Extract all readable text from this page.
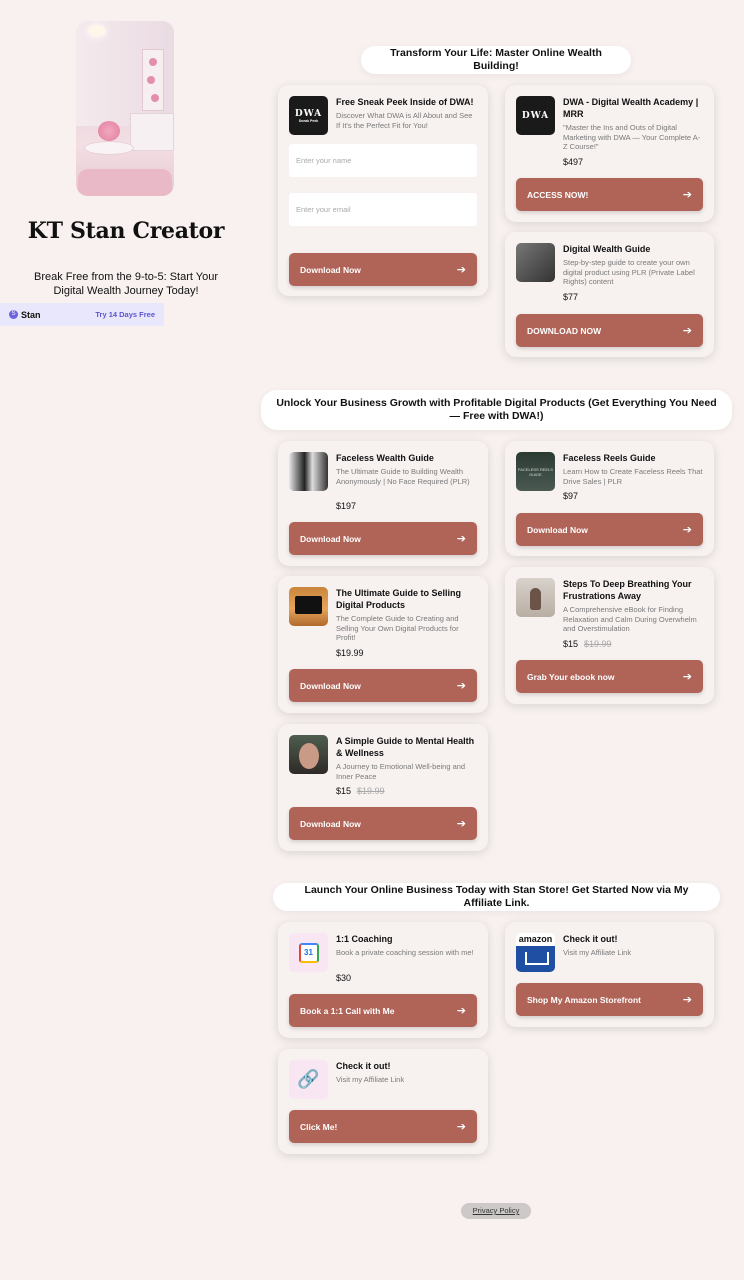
KT Stan Creator
Break Free from the 9-to-5: Start Your Digital Wealth Journey Today!
S Stan	Try 14 Days Free
Transform Your Life: Master Online Wealth Building!
DWA
Sneak Peek
Free Sneak Peek Inside of DWA!
Discover What DWA is All About and See If It's the Perfect Fit for You!
Enter your name
Enter your email
Download Now	➔
DWA
DWA - Digital Wealth Academy | MRR
"Master the Ins and Outs of Digital Marketing with DWA — Your Complete A-Z Course!"
$497
ACCESS NOW!	➔
Digital Wealth Guide
Step-by-step guide to create your own digital product using PLR (Private Label Rights) content
$77
DOWNLOAD NOW	➔
Unlock Your Business Growth with Profitable Digital Products (Get Everything You Need — Free with DWA!)
Faceless Wealth Guide
The Ultimate Guide to Building Wealth Anonymously | No Face Required (PLR)
$197
Download Now	➔
FACELESS REELS GUIDE
Faceless Reels Guide
Learn How to Create Faceless Reels That Drive Sales | PLR
$97
Download Now	➔
The Ultimate Guide to Selling Digital Products
The Complete Guide to Creating and Selling Your Own Digital Products for Profit!
$19.99
Download Now	➔
Steps To Deep Breathing Your Frustrations Away
A Comprehensive eBook for Finding Relaxation and Calm During Overwhelm and Overstimulation
$15 $19.99
Grab Your ebook now	➔
A Simple Guide to Mental Health & Wellness
A Journey to Emotional Well-being and Inner Peace
$15 $19.99
Download Now	➔
Launch Your Online Business Today with Stan Store! Get Started Now via My Affiliate Link.
31
1:1 Coaching
Book a private coaching session with me!
$30
Book a 1:1 Call with Me	➔
amazon	Check it out!
Visit my Affiliate Link
Shop My Amazon Storefront	➔
🔗
Check it out!
Visit my Affiliate Link
Click Me!	➔
Privacy Policy
